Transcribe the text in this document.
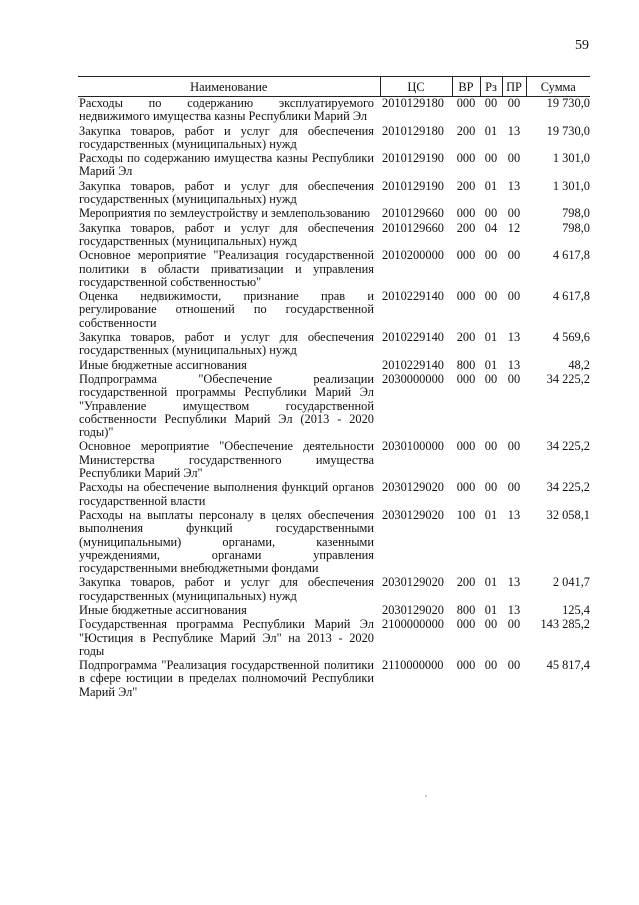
59
Наименование	ЦС	ВР	Рз	ПР	Сумма
Расходы по содержанию эксплуатируемого недвижимого имущества казны Республики Марий Эл	2010129180	000	00	00	19 730,0
Закупка товаров, работ и услуг для обеспечения государственных (муниципальных) нужд	2010129180	200	01	13	19 730,0
Расходы по содержанию имущества казны Республики Марий Эл	2010129190	000	00	00	1 301,0
Закупка товаров, работ и услуг для обеспечения государственных (муниципальных) нужд	2010129190	200	01	13	1 301,0
Мероприятия по землеустройству и землепользованию	2010129660	000	00	00	798,0
Закупка товаров, работ и услуг для обеспечения государственных (муниципальных) нужд	2010129660	200	04	12	798,0
Основное мероприятие "Реализация государственной политики в области приватизации и управления государственной собственностью"	2010200000	000	00	00	4 617,8
Оценка недвижимости, признание прав и регулирование отношений по государственной собственности	2010229140	000	00	00	4 617,8
Закупка товаров, работ и услуг для обеспечения государственных (муниципальных) нужд	2010229140	200	01	13	4 569,6
Иные бюджетные ассигнования	2010229140	800	01	13	48,2
Подпрограмма "Обеспечение реализации государственной программы Республики Марий Эл "Управление имуществом государственной собственности Республики Марий Эл (2013 - 2020 годы)"	2030000000	000	00	00	34 225,2
Основное мероприятие "Обеспечение деятельности Министерства государственного имущества Республики Марий Эл"	2030100000	000	00	00	34 225,2
Расходы на обеспечение выполнения функций органов государственной власти	2030129020	000	00	00	34 225,2
Расходы на выплаты персоналу в целях обеспечения выполнения функций государственными (муниципальными) органами, казенными учреждениями, органами управления государственными внебюджетными фондами	2030129020	100	01	13	32 058,1
Закупка товаров, работ и услуг для обеспечения государственных (муниципальных) нужд	2030129020	200	01	13	2 041,7
Иные бюджетные ассигнования	2030129020	800	01	13	125,4
Государственная программа Республики Марий Эл "Юстиция в Республике Марий Эл" на 2013 - 2020 годы	2100000000	000	00	00	143 285,2
Подпрограмма "Реализация государственной политики в сфере юстиции в пределах полномочий Республики Марий Эл"	2110000000	000	00	00	45 817,4
